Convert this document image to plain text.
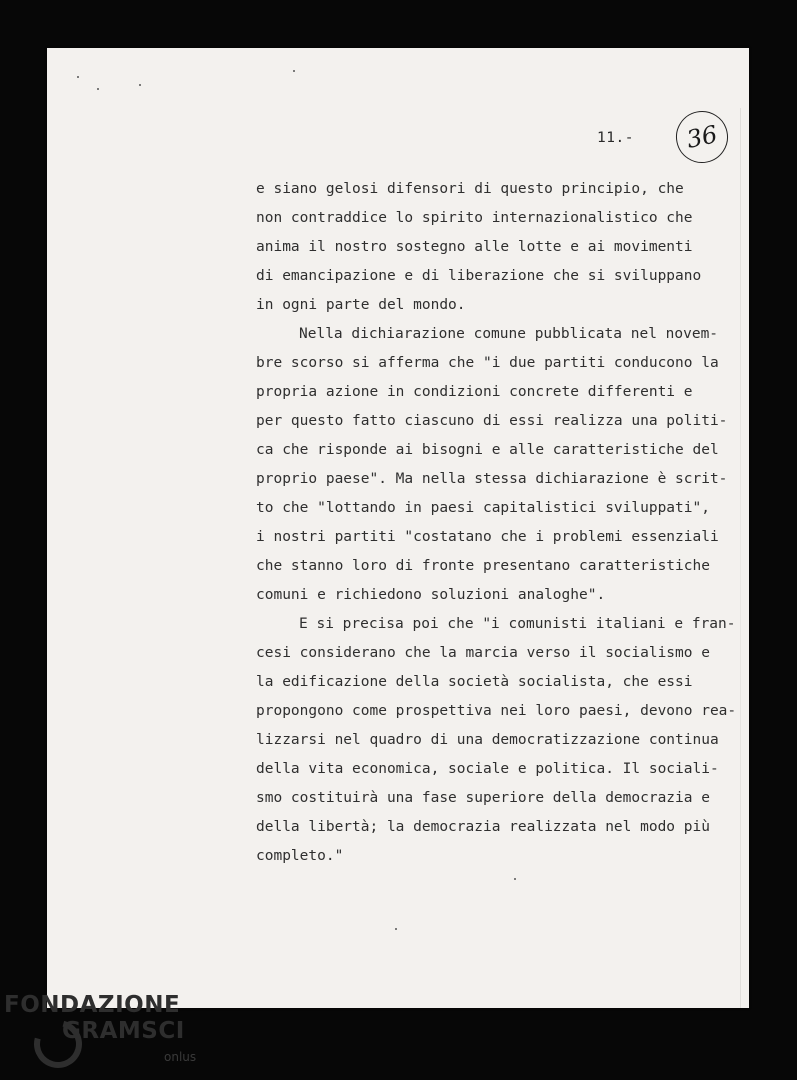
36
11.-
e siano gelosi difensori di questo principio, che
non contraddice lo spirito internazionalistico che
anima il nostro sostegno alle lotte e ai movimenti
di emancipazione e di liberazione che si sviluppano
in ogni parte del mondo.
Nella dichiarazione comune pubblicata nel novem-
bre scorso si afferma che "i due partiti conducono la
propria azione in condizioni concrete differenti e
per questo fatto ciascuno di essi realizza una politi-
ca che risponde ai bisogni e alle caratteristiche del
proprio paese". Ma nella stessa dichiarazione è scrit-
to che "lottando in paesi capitalistici sviluppati",
i nostri partiti "costatano che i problemi essenziali
che stanno loro di fronte presentano caratteristiche
comuni e richiedono soluzioni analoghe".
E si precisa poi che "i comunisti italiani e fran-
cesi considerano che la marcia verso il socialismo e
la edificazione della società socialista, che essi
propongono come prospettiva nei loro paesi, devono rea-
lizzarsi nel quadro di una democratizzazione continua
della vita economica, sociale e politica. Il sociali-
smo costituirà una fase superiore della democrazia e
della libertà; la democrazia realizzata nel modo più
completo."
FONDAZIONE
GRAMSCI
onlus
